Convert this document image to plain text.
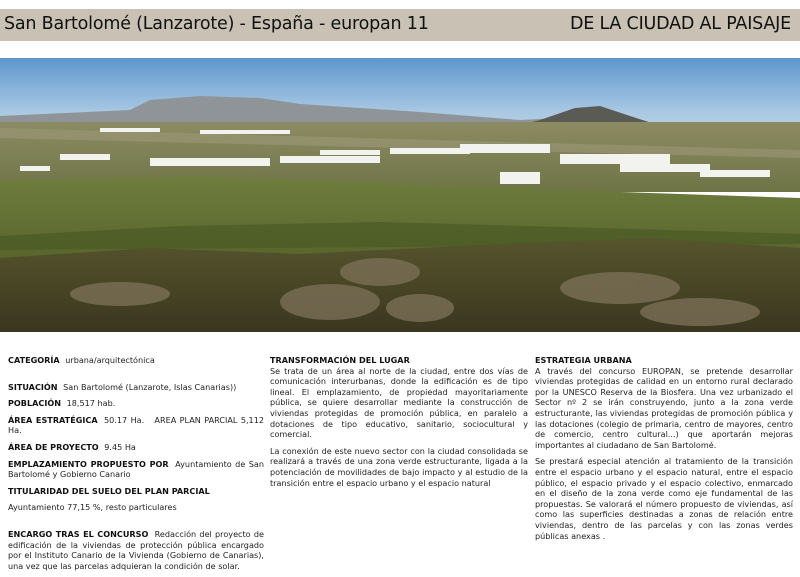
San Bartolomé (Lanzarote) - España - europan 11	DE LA CIUDAD AL PAISAJE

CATEGORÍA urbana/arquitectónica

SITUACIÓN San Bartolomé (Lanzarote, Islas Canarias))

POBLACIÓN 18,517 hab.

ÁREA ESTRATÉGICA 50.17 Ha. AREA PLAN PARCIAL 5,112 Ha.

ÁREA DE PROYECTO 9.45 Ha

EMPLAZAMIENTO PROPUESTO POR Ayuntamiento de San Bartolomé y Gobierno Canario

TITULARIDAD DEL SUELO DEL PLAN PARCIAL

Ayuntamiento 77,15 %, resto particulares

ENCARGO TRAS EL CONCURSO Redacción del proyecto de edificación de la viviendas de protección pública encargado por el Instituto Canario de la Vivienda (Gobierno de Canarias), una vez que las parcelas adquieran la condición de solar.

TRANSFORMACIÓN DEL LUGAR

Se trata de un área al norte de la ciudad, entre dos vías de comunicación interurbanas, donde la edificación es de tipo lineal. El emplazamiento, de propiedad mayoritariamente pública, se quiere desarrollar mediante la construcción de viviendas protegidas de promoción pública, en paralelo a dotaciones de tipo educativo, sanitario, sociocultural y comercial.

La conexión de este nuevo sector con la ciudad consolidada se realizará a través de una zona verde estructurante, ligada a la potenciación de movilidades de bajo impacto y al estudio de la transición entre el espacio urbano y el espacio natural

ESTRATEGIA URBANA

A través del concurso EUROPAN, se pretende desarrollar viviendas protegidas de calidad en un entorno rural declarado por la UNESCO Reserva de la Biosfera. Una vez urbanizado el Sector nº 2 se irán construyendo, junto a la zona verde estructurante, las viviendas protegidas de promoción pública y las dotaciones (colegio de primaria, centro de mayores, centro de comercio, centro cultural...) que aportarán mejoras importantes al ciudadano de San Bartolomé.

Se prestará especial atención al tratamiento de la transición entre el espacio urbano y el espacio natural, entre el espacio público, el espacio privado y el espacio colectivo, enmarcado en el diseño de la zona verde como eje fundamental de las propuestas. Se valorará el número propuesto de viviendas, así como las superficies destinadas a zonas de relación entre viviendas, dentro de las parcelas y con las zonas verdes públicas anexas .
